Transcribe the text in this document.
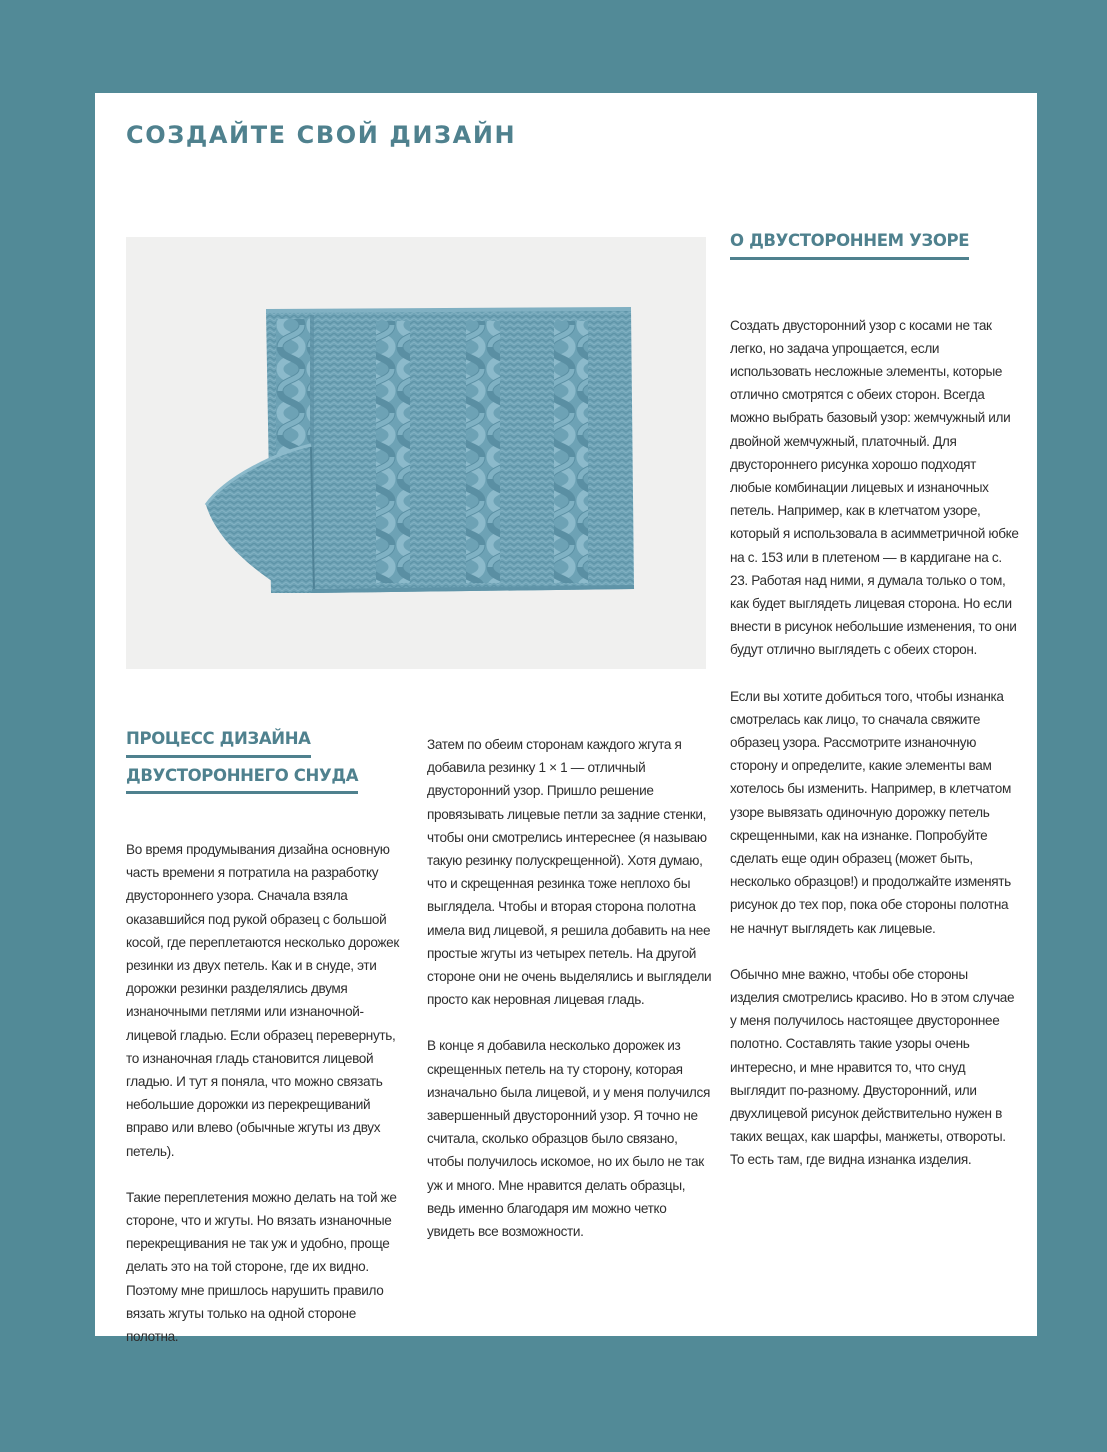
СОЗДАЙТЕ СВОЙ ДИЗАЙН
О ДВУСТОРОННЕМ УЗОРЕ

Создать двусторонний узор с косами не так легко, но задача упрощается, если использовать несложные элементы, которые отлично смотрятся с обеих сторон. Всегда можно выбрать базовый узор: жемчужный или двойной жемчужный, платочный. Для двустороннего рисунка хорошо подходят любые комбинации лицевых и изнаночных петель. Например, как в клетчатом узоре, который я использовала в асимметричной юбке на с. 153 или в плетеном — в кардигане на с. 23. Работая над ними, я думала только о том, как будет выглядеть лицевая сторона. Но если внести в рисунок небольшие изменения, то они будут отлично выглядеть с обеих сторон.

Если вы хотите добиться того, чтобы изнанка смотрелась как лицо, то сначала свяжите образец узора. Рассмотрите изнаночную сторону и определите, какие элементы вам хотелось бы изменить. Например, в клетчатом узоре вывязать одиночную дорожку петель скрещенными, как на изнанке. Попробуйте сделать еще один образец (может быть, несколько образцов!) и продолжайте изменять рисунок до тех пор, пока обе стороны полотна не начнут выглядеть как лицевые.

Обычно мне важно, чтобы обе стороны изделия смотрелись красиво. Но в этом случае у меня получилось настоящее двустороннее полотно. Составлять такие узоры очень интересно, и мне нравится то, что снуд выглядит по-разному. Двусторонний, или двухлицевой рисунок действительно нужен в таких вещах, как шарфы, манжеты, отвороты. То есть там, где видна изнанка изделия.

ПРОЦЕСС ДИЗАЙНА
ДВУСТОРОННЕГО СНУДА

Во время продумывания дизайна основную часть времени я потратила на разработку двустороннего узора. Сначала взяла оказавшийся под рукой образец с большой косой, где переплетаются несколько дорожек резинки из двух петель. Как и в снуде, эти дорожки резинки разделялись двумя изнаночными петлями или изнаночной-лицевой гладью. Если образец перевернуть, то изнаночная гладь становится лицевой гладью. И тут я поняла, что можно связать небольшие дорожки из перекрещиваний вправо или влево (обычные жгуты из двух петель).

Такие переплетения можно делать на той же стороне, что и жгуты. Но вязать изнаночные перекрещивания не так уж и удобно, проще делать это на той стороне, где их видно. Поэтому мне пришлось нарушить правило вязать жгуты только на одной стороне полотна.

Затем по обеим сторонам каждого жгута я добавила резинку 1 × 1 — отличный двусторонний узор. Пришло решение провязывать лицевые петли за задние стенки, чтобы они смотрелись интереснее (я называю такую резинку полускрещенной). Хотя думаю, что и скрещенная резинка тоже неплохо бы выглядела. Чтобы и вторая сторона полотна имела вид лицевой, я решила добавить на нее простые жгуты из четырех петель. На другой стороне они не очень выделялись и выглядели просто как неровная лицевая гладь.

В конце я добавила несколько дорожек из скрещенных петель на ту сторону, которая изначально была лицевой, и у меня получился завершенный двусторонний узор. Я точно не считала, сколько образцов было связано, чтобы получилось искомое, но их было не так уж и много. Мне нравится делать образцы, ведь именно благодаря им можно четко увидеть все возможности.
